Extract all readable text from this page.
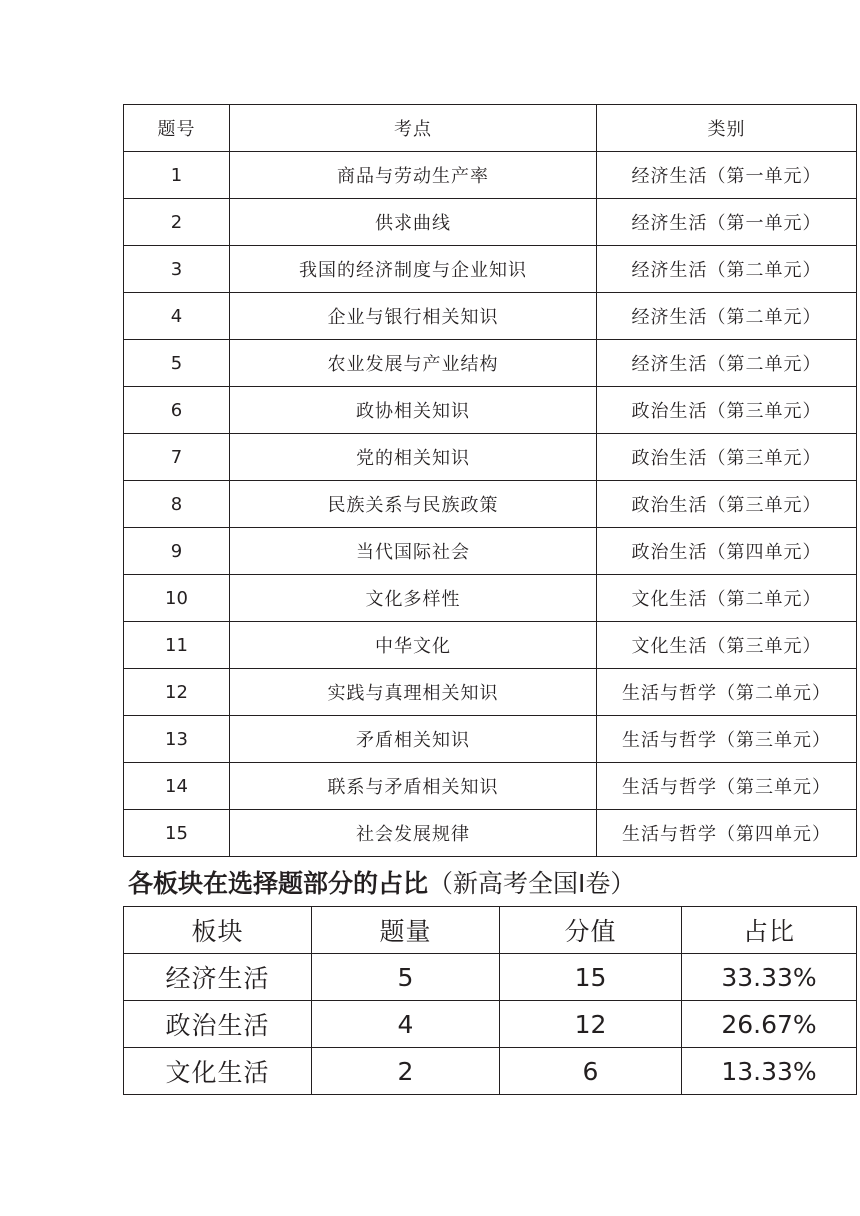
题号	考点	类别
1	商品与劳动生产率	经济生活（第一单元）
2	供求曲线	经济生活（第一单元）
3	我国的经济制度与企业知识	经济生活（第二单元）
4	企业与银行相关知识	经济生活（第二单元）
5	农业发展与产业结构	经济生活（第二单元）
6	政协相关知识	政治生活（第三单元）
7	党的相关知识	政治生活（第三单元）
8	民族关系与民族政策	政治生活（第三单元）
9	当代国际社会	政治生活（第四单元）
10	文化多样性	文化生活（第二单元）
11	中华文化	文化生活（第三单元）
12	实践与真理相关知识	生活与哲学（第二单元）
13	矛盾相关知识	生活与哲学（第三单元）
14	联系与矛盾相关知识	生活与哲学（第三单元）
15	社会发展规律	生活与哲学（第四单元）
各板块在选择题部分的占比（新高考全国Ⅰ卷）
板块	题量	分值	占比
经济生活	5	15	33.33%
政治生活	4	12	26.67%
文化生活	2	6	13.33%
